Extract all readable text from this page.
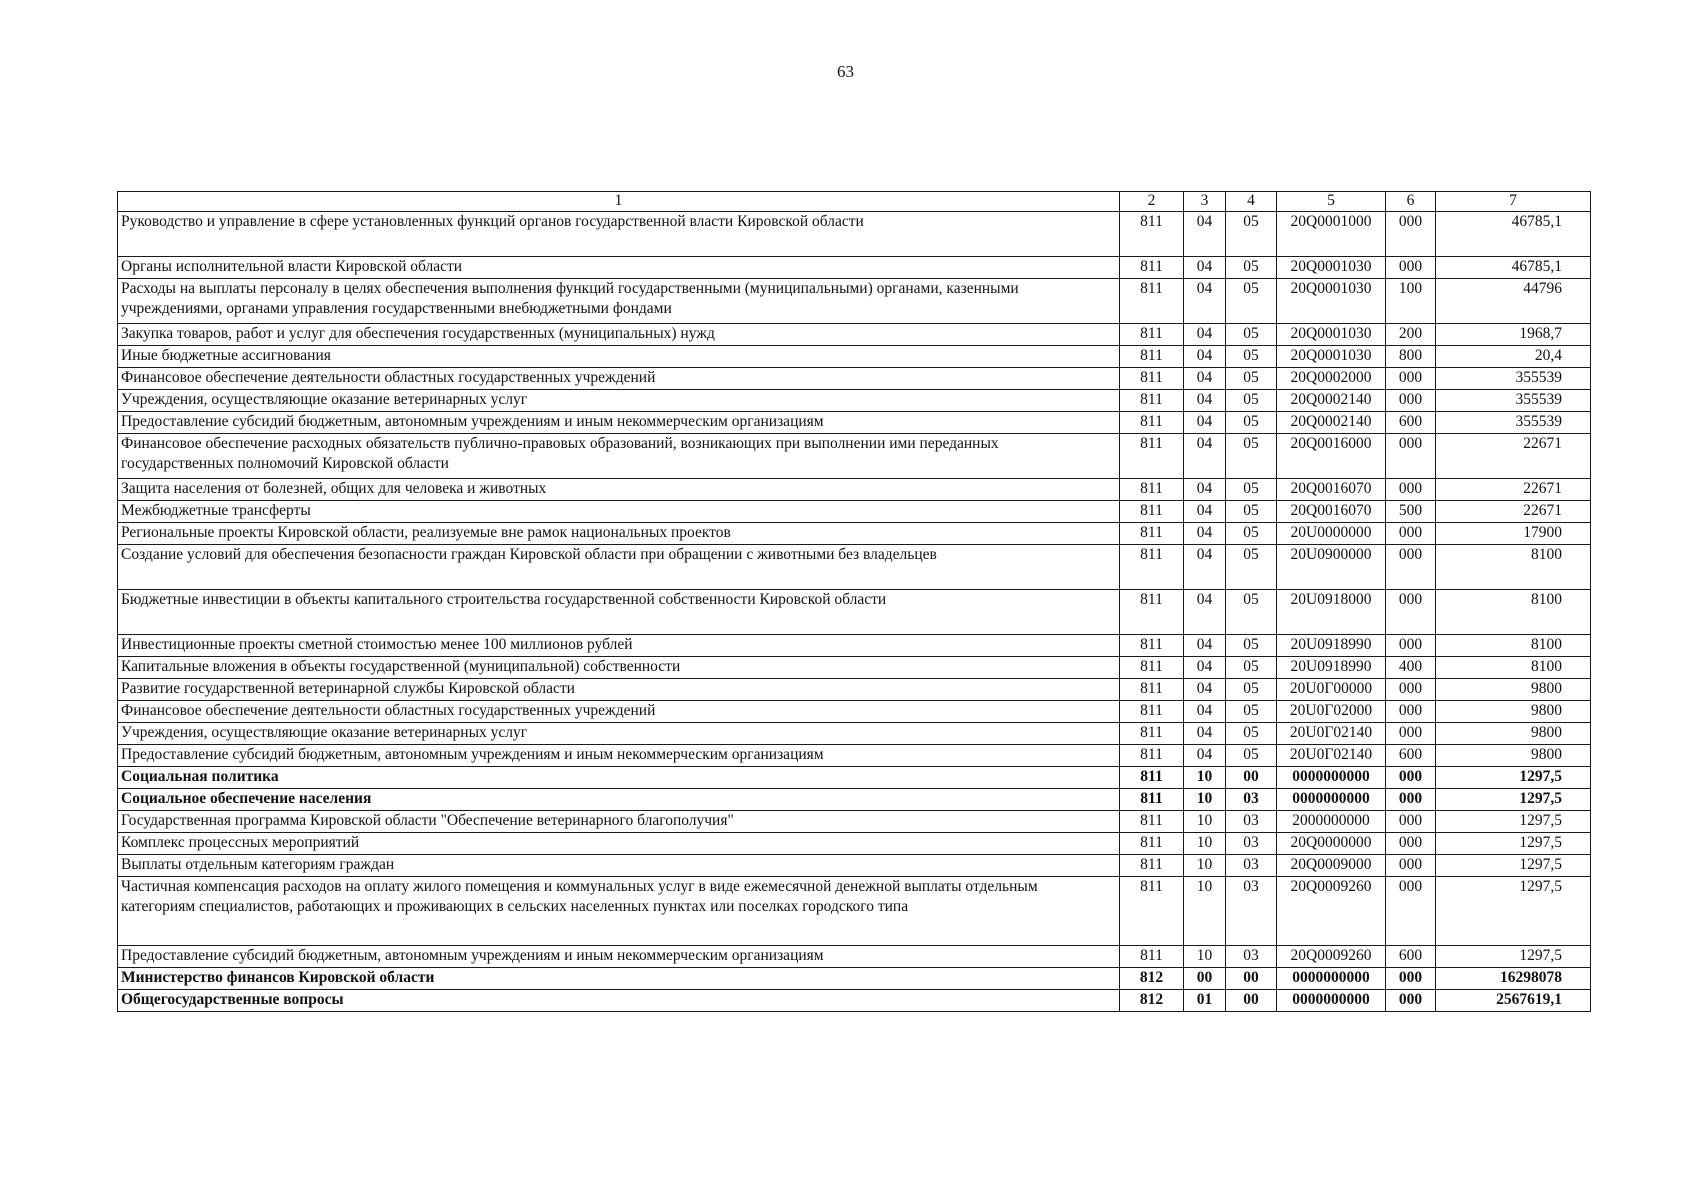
63
1	2	3	4	5	6	7
Руководство и управление в сфере установленных функций органов государственной власти Кировской области	811	04	05	20Q0001000	000	46785,1
Органы исполнительной власти Кировской области	811	04	05	20Q0001030	000	46785,1
Расходы на выплаты персоналу в целях обеспечения выполнения функций государственными (муниципальными) органами, казенными учреждениями, органами управления государственными внебюджетными фондами	811	04	05	20Q0001030	100	44796
Закупка товаров, работ и услуг для обеспечения государственных (муниципальных) нужд	811	04	05	20Q0001030	200	1968,7
Иные бюджетные ассигнования	811	04	05	20Q0001030	800	20,4
Финансовое обеспечение деятельности областных государственных учреждений	811	04	05	20Q0002000	000	355539
Учреждения, осуществляющие оказание ветеринарных услуг	811	04	05	20Q0002140	000	355539
Предоставление субсидий бюджетным, автономным учреждениям и иным некоммерческим организациям	811	04	05	20Q0002140	600	355539
Финансовое обеспечение расходных обязательств публично-правовых образований, возникающих при выполнении ими переданных государственных полномочий Кировской области	811	04	05	20Q0016000	000	22671
Защита населения от болезней, общих для человека и животных	811	04	05	20Q0016070	000	22671
Межбюджетные трансферты	811	04	05	20Q0016070	500	22671
Региональные проекты Кировской области, реализуемые вне рамок национальных проектов	811	04	05	20U0000000	000	17900
Создание условий для обеспечения безопасности граждан Кировской области при обращении с животными без владельцев	811	04	05	20U0900000	000	8100
Бюджетные инвестиции в объекты капитального строительства государственной собственности Кировской области	811	04	05	20U0918000	000	8100
Инвестиционные проекты сметной стоимостью менее 100 миллионов рублей	811	04	05	20U0918990	000	8100
Капитальные вложения в объекты государственной (муниципальной) собственности	811	04	05	20U0918990	400	8100
Развитие государственной ветеринарной службы Кировской области	811	04	05	20U0Г00000	000	9800
Финансовое обеспечение деятельности областных государственных учреждений	811	04	05	20U0Г02000	000	9800
Учреждения, осуществляющие оказание ветеринарных услуг	811	04	05	20U0Г02140	000	9800
Предоставление субсидий бюджетным, автономным учреждениям и иным некоммерческим организациям	811	04	05	20U0Г02140	600	9800
Социальная политика	811	10	00	0000000000	000	1297,5
Социальное обеспечение населения	811	10	03	0000000000	000	1297,5
Государственная программа Кировской области "Обеспечение ветеринарного благополучия"	811	10	03	2000000000	000	1297,5
Комплекс процессных мероприятий	811	10	03	20Q0000000	000	1297,5
Выплаты отдельным категориям граждан	811	10	03	20Q0009000	000	1297,5
Частичная компенсация расходов на оплату жилого помещения и коммунальных услуг в виде ежемесячной денежной выплаты отдельным категориям специалистов, работающих и проживающих в сельских населенных пунктах или поселках городского типа	811	10	03	20Q0009260	000	1297,5
Предоставление субсидий бюджетным, автономным учреждениям и иным некоммерческим организациям	811	10	03	20Q0009260	600	1297,5
Министерство финансов Кировской области	812	00	00	0000000000	000	16298078
Общегосударственные вопросы	812	01	00	0000000000	000	2567619,1
